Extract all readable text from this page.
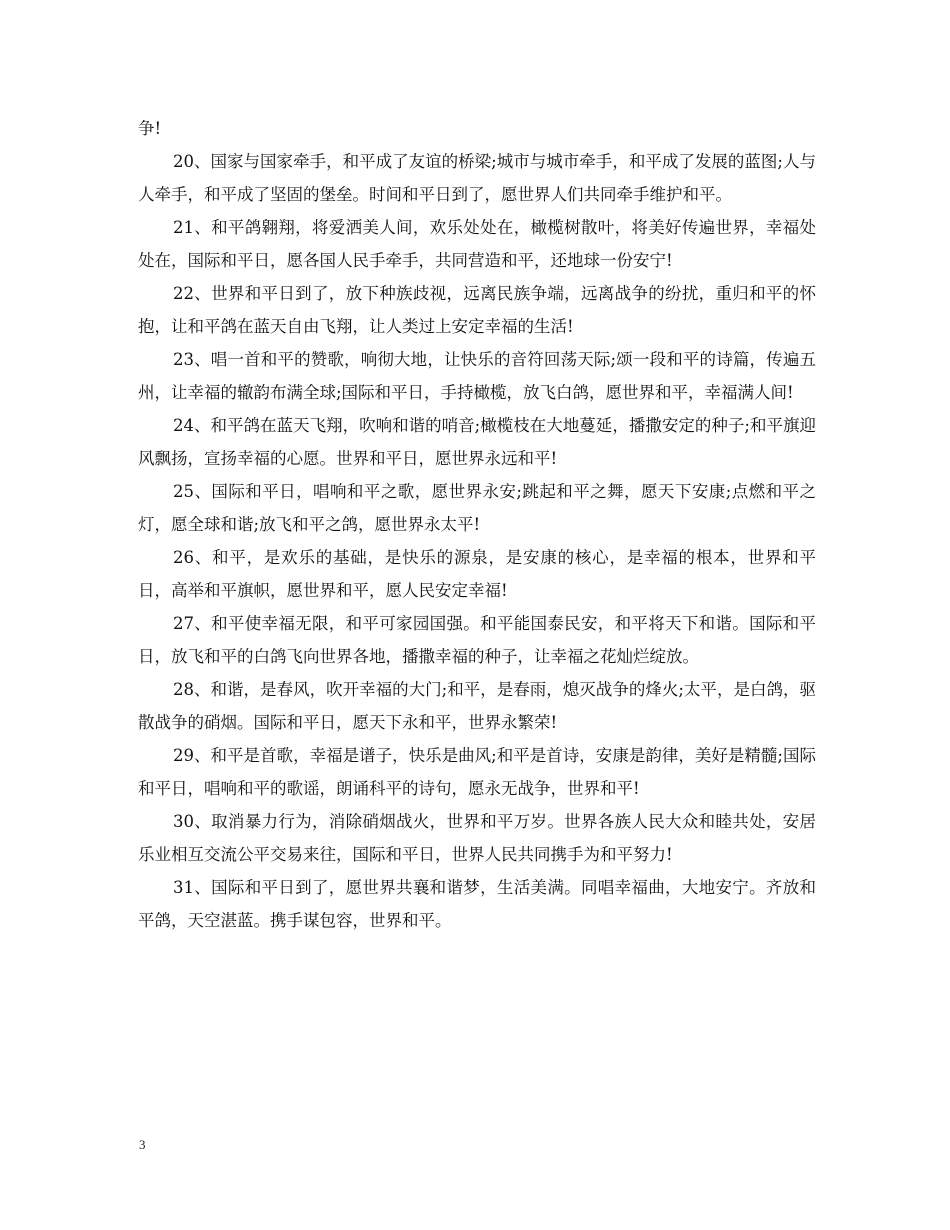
争!

20、国家与国家牵手，和平成了友谊的桥梁;城市与城市牵手，和平成了发展的蓝图;人与人牵手，和平成了坚固的堡垒。时间和平日到了，愿世界人们共同牵手维护和平。

21、和平鸽翱翔，将爱洒美人间，欢乐处处在，橄榄树散叶，将美好传遍世界，幸福处处在，国际和平日，愿各国人民手牵手，共同营造和平，还地球一份安宁!

22、世界和平日到了，放下种族歧视，远离民族争端，远离战争的纷扰，重归和平的怀抱，让和平鸽在蓝天自由飞翔，让人类过上安定幸福的生活!

23、唱一首和平的赞歌，响彻大地，让快乐的音符回荡天际;颂一段和平的诗篇，传遍五州，让幸福的辙韵布满全球;国际和平日，手持橄榄，放飞白鸽，愿世界和平，幸福满人间!

24、和平鸽在蓝天飞翔，吹响和谐的哨音;橄榄枝在大地蔓延，播撒安定的种子;和平旗迎风飘扬，宣扬幸福的心愿。世界和平日，愿世界永远和平!

25、国际和平日，唱响和平之歌，愿世界永安;跳起和平之舞，愿天下安康;点燃和平之灯，愿全球和谐;放飞和平之鸽，愿世界永太平!

26、和平，是欢乐的基础，是快乐的源泉，是安康的核心，是幸福的根本，世界和平日，高举和平旗帜，愿世界和平，愿人民安定幸福!

27、和平使幸福无限，和平可家园国强。和平能国泰民安，和平将天下和谐。国际和平日，放飞和平的白鸽飞向世界各地，播撒幸福的种子，让幸福之花灿烂绽放。

28、和谐，是春风，吹开幸福的大门;和平，是春雨，熄灭战争的烽火;太平，是白鸽，驱散战争的硝烟。国际和平日，愿天下永和平，世界永繁荣!

29、和平是首歌，幸福是谱子，快乐是曲风;和平是首诗，安康是韵律，美好是精髓;国际和平日，唱响和平的歌谣，朗诵科平的诗句，愿永无战争，世界和平!

30、取消暴力行为，消除硝烟战火，世界和平万岁。世界各族人民大众和睦共处，安居乐业相互交流公平交易来往，国际和平日，世界人民共同携手为和平努力!

31、国际和平日到了，愿世界共襄和谐梦，生活美满。同唱幸福曲，大地安宁。齐放和平鸽，天空湛蓝。携手谋包容，世界和平。

3
